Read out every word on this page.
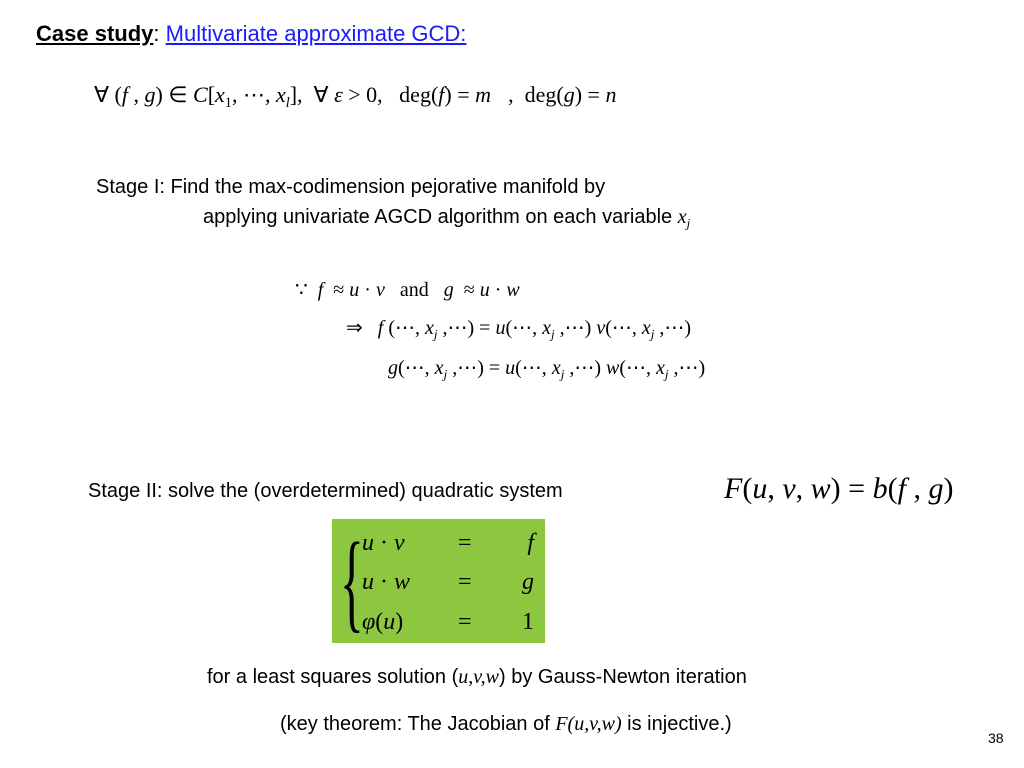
Case study: Multivariate approximate GCD:
∀ (f , g) ∈ $C[x_1$, ⋯, $x_l$],  ∀ ε > 0,   deg(f) = m⃗,  deg(g) = n⃗
Stage I: Find the max-codimension pejorative manifold by
applying univariate AGCD algorithm on each variable $x_j$
∵  f  ≈ u · v   and   g  ≈ u · w
⇒   f (⋯, $x_j$ ,⋯) = u(⋯, $x_j$ ,⋯) v(⋯, $x_j$ ,⋯)
g(⋯, $x_j$ ,⋯) = u(⋯, $x_j$ ,⋯) w(⋯, $x_j$ ,⋯)
Stage II: solve the (overdetermined) quadratic system	F(u, v, w) = b(f , g)
{
u · v = f
u · w = g
φ(u) = 1
for a least squares solution (u,v,w) by Gauss-Newton iteration
(key theorem: The Jacobian of F(u,v,w) is injective.)
38
